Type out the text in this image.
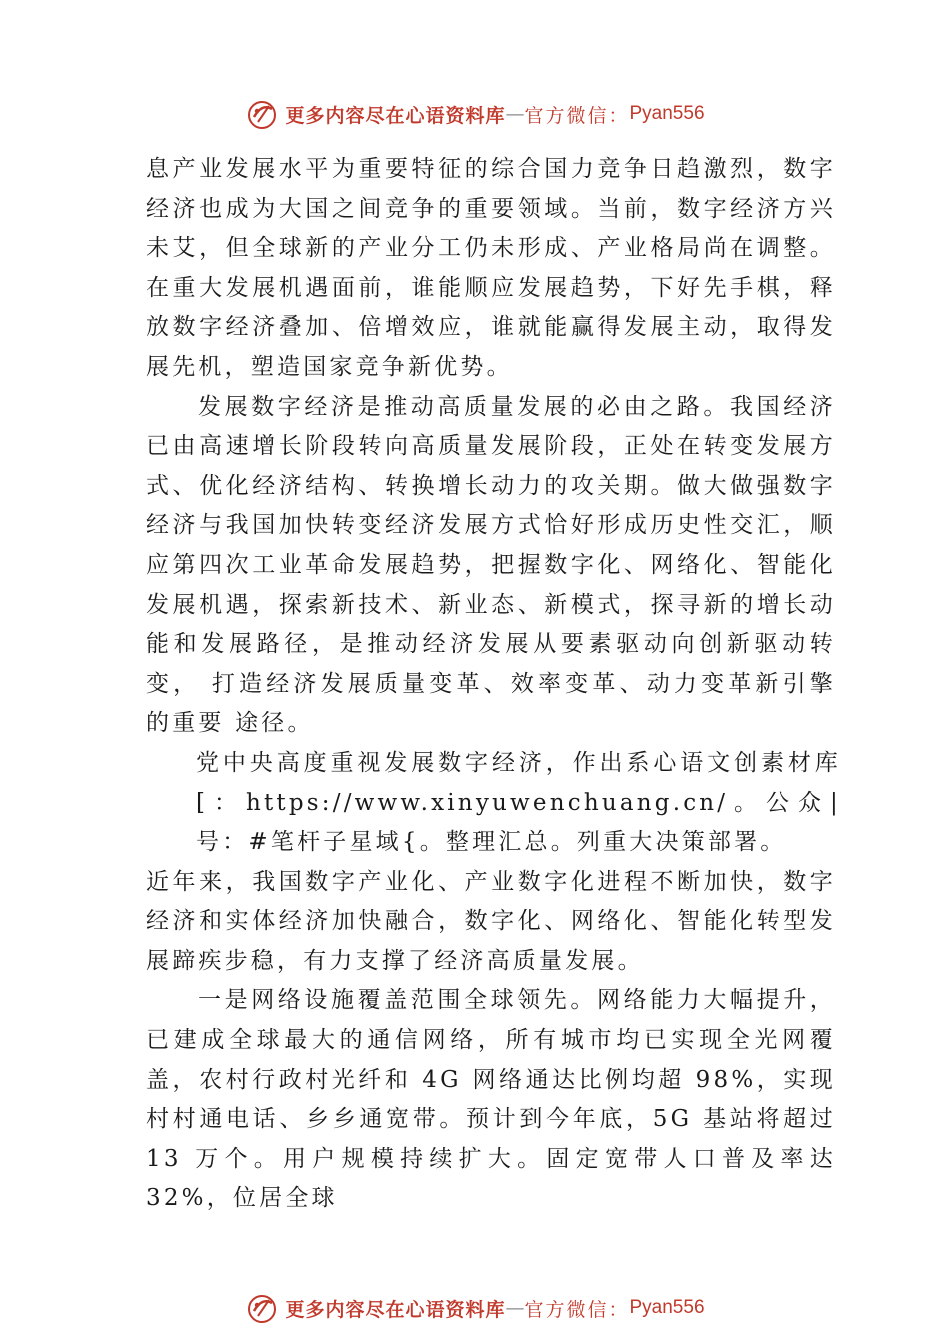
更多内容尽在心语资料库 — 官方微信： Pyan556

息产业发展水平为重要特征的综合国力竞争日趋激烈，数字经济也成为大国之间竞争的重要领域。当前，数字经济方兴未艾，但全球新的产业分工仍未形成、产业格局尚在调整。 在重大发展机遇面前，谁能顺应发展趋势，下好先手棋，释放数字经济叠加、倍增效应，谁就能赢得发展主动，取得发展先机，塑造国家竞争新优势。

发展数字经济是推动高质量发展的必由之路。我国经济已由高速增长阶段转向高质量发展阶段，正处在转变发展方式、优化经济结构、转换增长动力的攻关期。做大做强数字经济与我国加快转变经济发展方式恰好形成历史性交汇，顺应第四次工业革命发展趋势，把握数字化、网络化、智能化发展机遇，探索新技术、新业态、新模式，探寻新的增长动能和发展路径，是推动经济发展从要素驱动向创新驱动转变， 打造经济发展质量变革、效率变革、动力变革新引擎的重要 途径。

党中央高度重视发展数字经济，作出系心语文创素材库[：https://www.xinyuwenchuang.cn/。公众|号：#笔杆子星域{。整理汇总。列重大决策部署。

近年来，我国数字产业化、产业数字化进程不断加快，数字经济和实体经济加快融合，数字化、网络化、智能化转型发展蹄疾步稳，有力支撑了经济高质量发展。

一是网络设施覆盖范围全球领先。网络能力大幅提升，已建成全球最大的通信网络，所有城市均已实现全光网覆盖，农村行政村光纤和 4G 网络通达比例均超 98%，实现村村通电话、乡乡通宽带。预计到今年底，5G 基站将超过 13 万个。用户规模持续扩大。固定宽带人口普及率达 32%，位居全球

更多内容尽在心语资料库 — 官方微信： Pyan556
